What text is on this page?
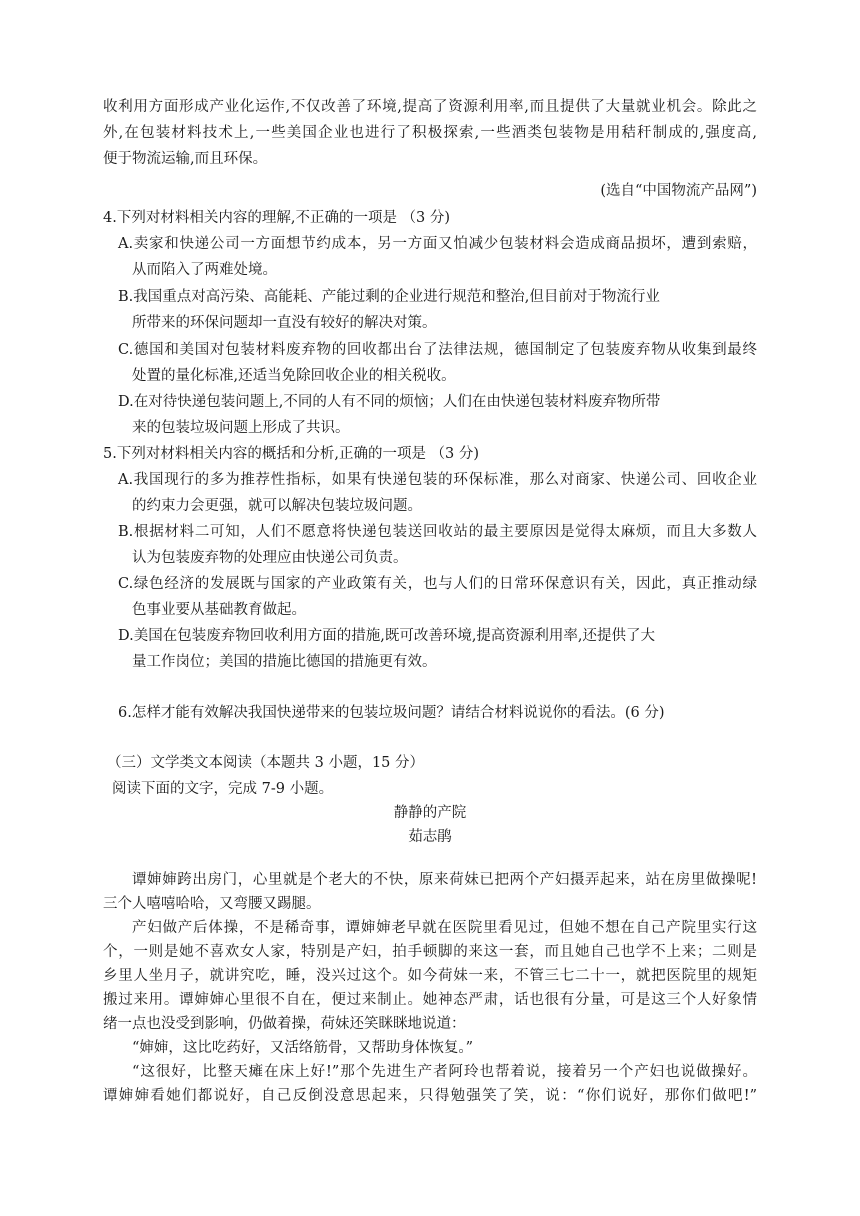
收利用方面形成产业化运作,不仅改善了环境,提高了资源利用率,而且提供了大量就业机会。除此之
外,在包装材料技术上,一些美国企业也进行了积极探索,一些酒类包装物是用秸秆制成的,强度高,
便于物流运输,而且环保。
(选自“中国物流产品网”)
4.下列对材料相关内容的理解,不正确的一项是 （3 分)
A.卖家和快递公司一方面想节约成本，另一方面又怕减少包装材料会造成商品损坏，遭到索赔，
从而陷入了两难处境。
B.我国重点对高污染、高能耗、产能过剩的企业进行规范和整治,但目前对于物流行业
所带来的环保问题却一直没有较好的解决对策。
C.德国和美国对包装材料废弃物的回收都出台了法律法规，德国制定了包装废弃物从收集到最终
处置的量化标准,还适当免除回收企业的相关税收。
D.在对待快递包装问题上,不同的人有不同的烦恼；人们在由快递包装材料废弃物所带
来的包装垃圾问题上形成了共识。
5.下列对材料相关内容的概括和分析,正确的一项是 （3 分)
A.我国现行的多为推荐性指标，如果有快递包装的环保标准，那么对商家、快递公司、回收企业
的约束力会更强，就可以解决包装垃圾问题。
B.根据材料二可知，人们不愿意将快递包装送回收站的最主要原因是觉得太麻烦，而且大多数人
认为包装废弃物的处理应由快递公司负责。
C.绿色经济的发展既与国家的产业政策有关，也与人们的日常环保意识有关，因此，真正推动绿
色事业要从基础教育做起。
D.美国在包装废弃物回收利用方面的措施,既可改善环境,提高资源利用率,还提供了大
量工作岗位；美国的措施比德国的措施更有效。
6.怎样才能有效解决我国快递带来的包装垃圾问题？请结合材料说说你的看法。(6 分)
（三）文学类文本阅读（本题共 3 小题，15 分）
阅读下面的文字，完成 7-9 小题。
静静的产院
茹志鹃
谭婶婶跨出房门，心里就是个老大的不快，原来荷妹已把两个产妇摄弄起来，站在房里做操呢!
三个人嘻嘻哈哈，又弯腰又踢腿。
产妇做产后体操，不是稀奇事，谭婶婶老早就在医院里看见过，但她不想在自己产院里实行这
个，一则是她不喜欢女人家，特别是产妇，拍手顿脚的来这一套，而且她自己也学不上来；二则是
乡里人坐月子，就讲究吃，睡，没兴过这个。如今荷妹一来，不管三七二十一，就把医院里的规矩
搬过来用。谭婶婶心里很不自在，便过来制止。她神态严肃，话也很有分量，可是这三个人好象情
绪一点也没受到影响，仍做着操，荷妹还笑眯眯地说道：
“婶婶，这比吃药好，又活络筋骨，又帮助身体恢复。”
“这很好，比整天瘫在床上好!”那个先进生产者阿玲也帮着说，接着另一个产妇也说做操好。
谭婶婶看她们都说好，自己反倒没意思起来，只得勉强笑了笑，说：“你们说好，那你们做吧!”
